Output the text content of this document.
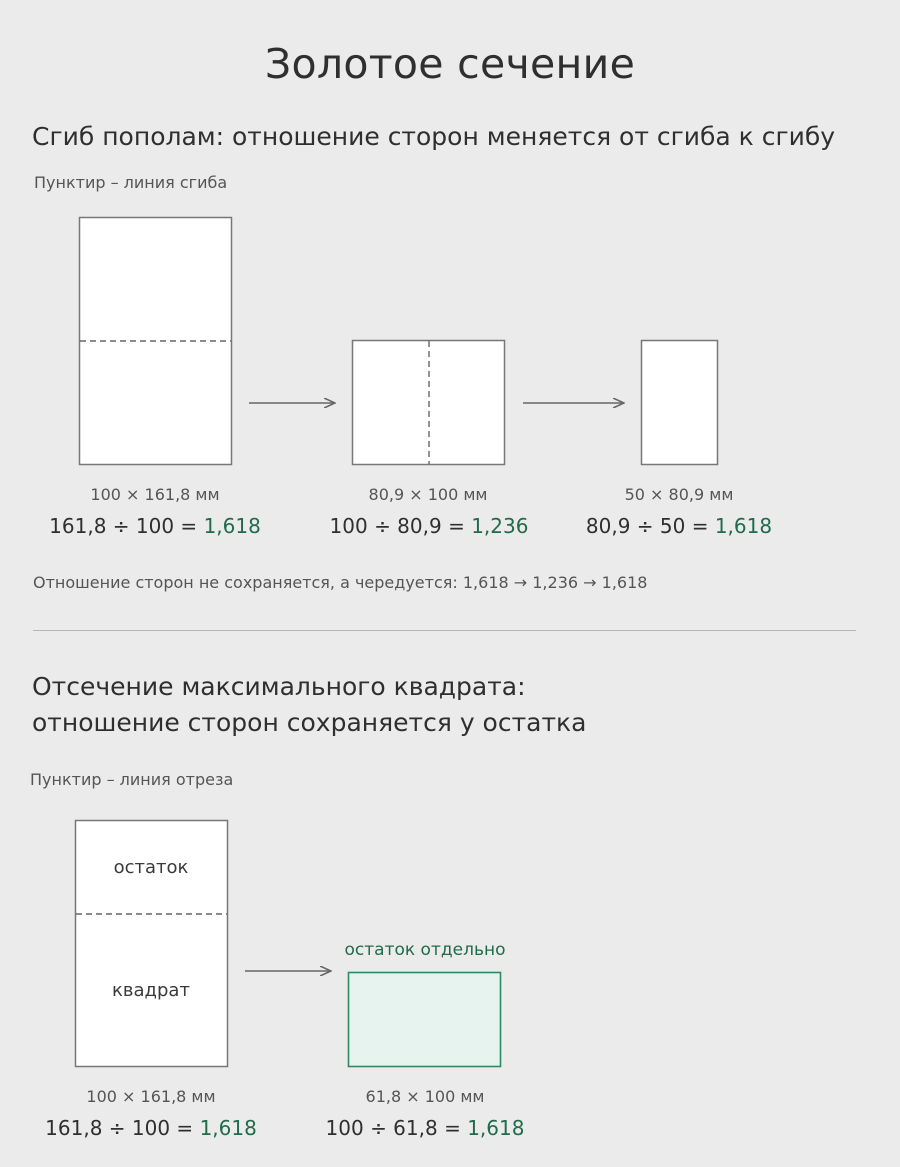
Золотое сечение
Сгиб пополам: отношение сторон меняется от сгиба к сгибу
Пунктир – линия сгиба
100 × 161,8 мм
161,8 ÷ 100 = 1,618
80,9 × 100 мм
100 ÷ 80,9 = 1,236
50 × 80,9 мм
80,9 ÷ 50 = 1,618
Отношение сторон не сохраняется, а чередуется: 1,618 → 1,236 → 1,618
Отсечение максимального квадрата:
отношение сторон сохраняется у остатка
Пунктир – линия отреза
остаток
квадрат
остаток отдельно
100 × 161,8 мм
161,8 ÷ 100 = 1,618
61,8 × 100 мм
100 ÷ 61,8 = 1,618
